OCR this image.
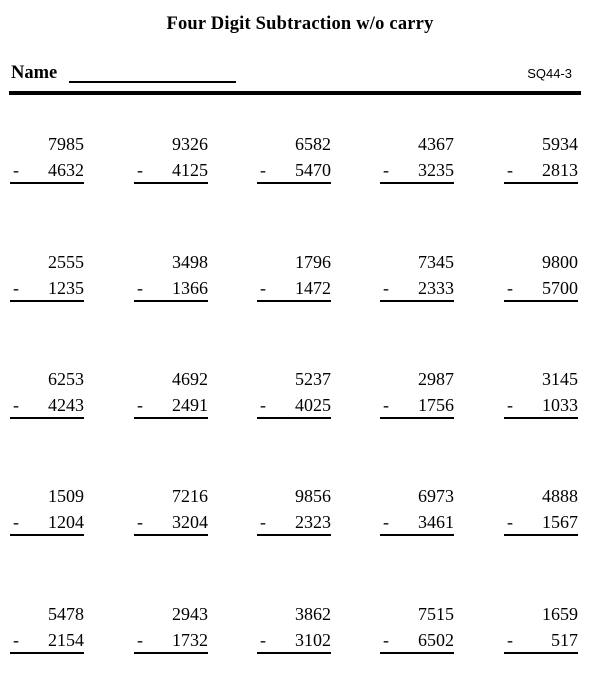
Four Digit Subtraction w/o carry
Name	SQ44-3
7985
- 4632
9326
- 4125
6582
- 5470
4367
- 3235
5934
- 2813
2555
- 1235
3498
- 1366
1796
- 1472
7345
- 2333
9800
- 5700
6253
- 4243
4692
- 2491
5237
- 4025
2987
- 1756
3145
- 1033
1509
- 1204
7216
- 3204
9856
- 2323
6973
- 3461
4888
- 1567
5478
- 2154
2943
- 1732
3862
- 3102
7515
- 6502
1659
- 517
